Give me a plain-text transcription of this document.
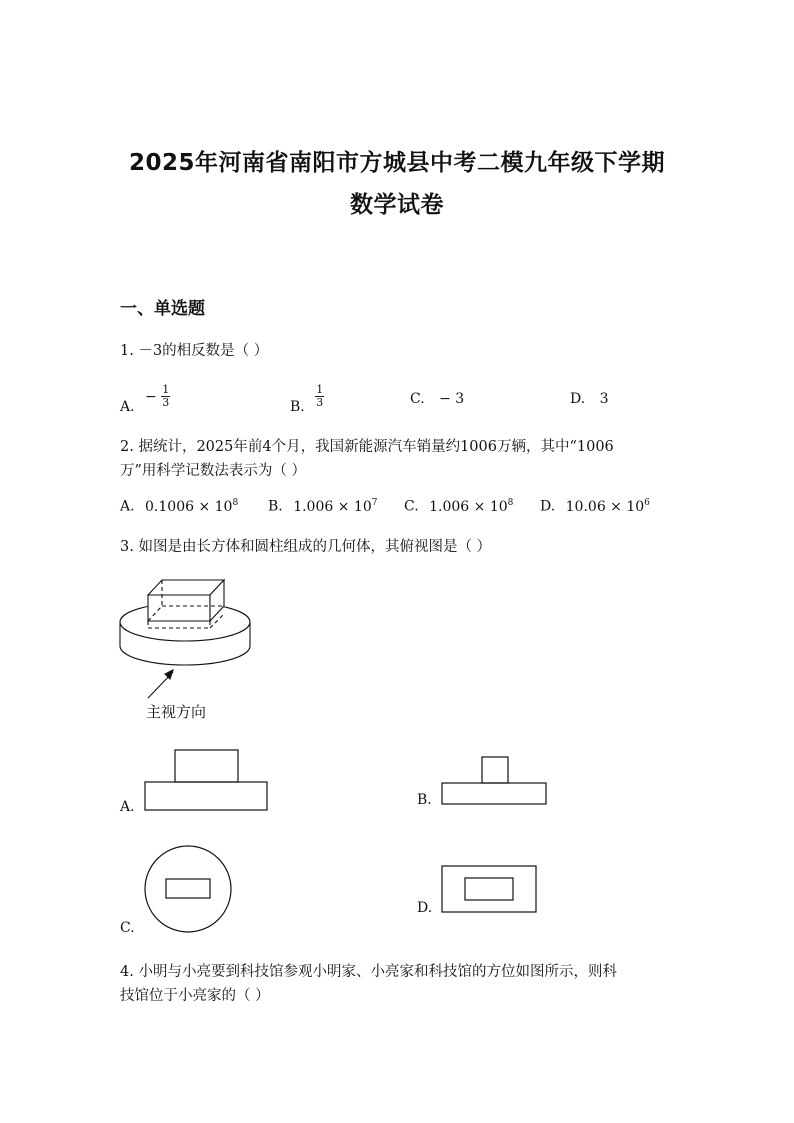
2025年河南省南阳市方城县中考二模九年级下学期
数学试卷
一、单选题
1. －3的相反数是（ ）
A. − $\frac{1}{3}$	B. $\frac{1}{3}$	C. − 3	D. 3
2. 据统计，2025年前4个月，我国新能源汽车销量约1006万辆，其中“1006
万”用科学记数法表示为（ ）
A. $0.1006 \times 10^8$ B. $1.006 \times 10^7$ C. $1.006 \times 10^8$ D. $10.06 \times 10^6$
3. 如图是由长方体和圆柱组成的几何体，其俯视图是（ ）
主视方向
A.	B.
C.
D.
4. 小明与小亮要到科技馆参观小明家、小亮家和科技馆的方位如图所示，则科
技馆位于小亮家的（ ）
